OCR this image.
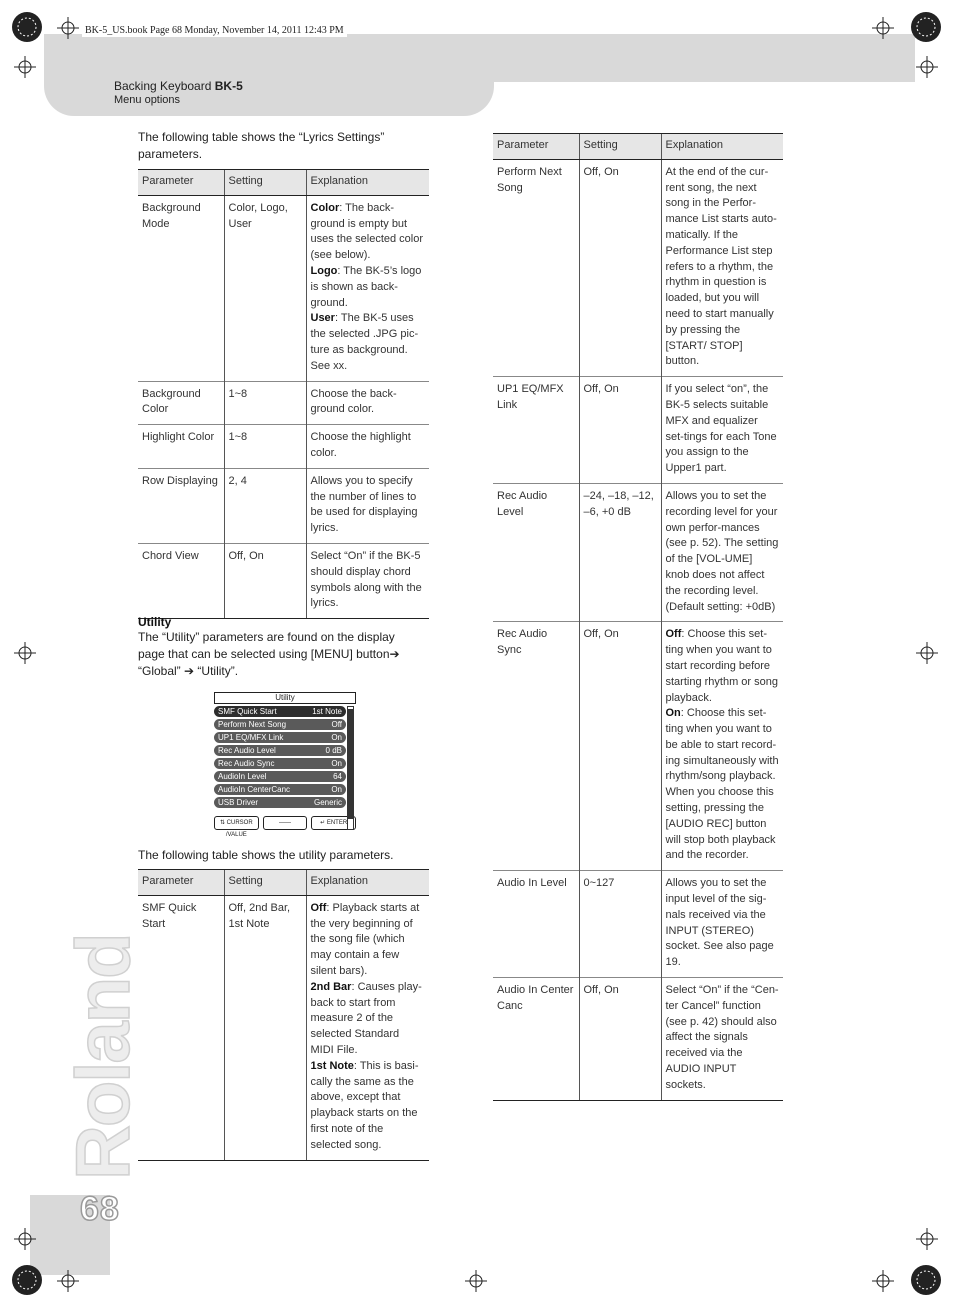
BK-5_US.book Page 68 Monday, November 14, 2011 12:43 PM
Backing Keyboard BK-5
Menu options
Roland
68
The following table shows the “Lyrics Settings” parameters.
Parameter	Setting	Explanation
Background Mode	Color, Logo, User	Color: The back-ground is empty but uses the selected color (see below).
Logo: The BK-5’s logo is shown as back-ground.
User: The BK-5 uses the selected .JPG pic-ture as background. See xx.

Background Color	1~8	Choose the back-ground color.

Highlight Color	1~8	Choose the highlight color.

Row Displaying	2, 4	Allows you to specify the number of lines to be used for displaying lyrics.

Chord View	Off, On	Select “On” if the BK-5 should display chord symbols along with the lyrics.
Utility
The “Utility” parameters are found on the display page that can be selected using [MENU] button➔ “Global” ➔ “Utility”.
Utility
SMF Quick Start	1st Note
Perform Next Song	Off
UP1 EQ/MFX Link	On
Rec Audio Level	0 dB
Rec Audio Sync	On
AudioIn Level	64
AudioIn CenterCanc	On
USB Driver	Generic
⇅ CURSOR /VALUE
——	↵ ENTER
The following table shows the utility parameters.
Parameter	Setting	Explanation
SMF Quick Start	Off, 2nd Bar, 1st Note	Off: Playback starts at the very beginning of the song file (which may contain a few silent bars).
2nd Bar: Causes play-back to start from measure 2 of the selected Standard MIDI File.
1st Note: This is basi-cally the same as the above, except that playback starts on the first note of the selected song.
Parameter	Setting	Explanation
Perform Next Song	Off, On	At the end of the cur-rent song, the next song in the Perfor-mance List starts auto-matically. If the Performance List step refers to a rhythm, the rhythm in question is loaded, but you will need to start manually by pressing the [START/ STOP] button.

UP1 EQ/MFX Link	Off, On	If you select “on”, the BK-5 selects suitable MFX and equalizer set-tings for each Tone you assign to the Upper1 part.

Rec Audio Level	–24, –18, –12, –6, +0 dB	Allows you to set the recording level for your own perfor-mances (see p. 52). The setting of the [VOL-UME] knob does not affect the recording level. (Default setting: +0dB)

Rec Audio Sync	Off, On	Off: Choose this set-ting when you want to start recording before starting rhythm or song playback.
On: Choose this set-ting when you want to be able to start record-ing simultaneously with rhythm/song playback. When you choose this setting, pressing the [AUDIO REC] button will stop both playback and the recorder.

Audio In Level	0~127	Allows you to set the input level of the sig-nals received via the INPUT (STEREO) socket. See also page 19.

Audio In Center Canc	Off, On	Select “On” if the “Cen-ter Cancel” function (see p. 42) should also affect the signals received via the AUDIO INPUT sockets.
